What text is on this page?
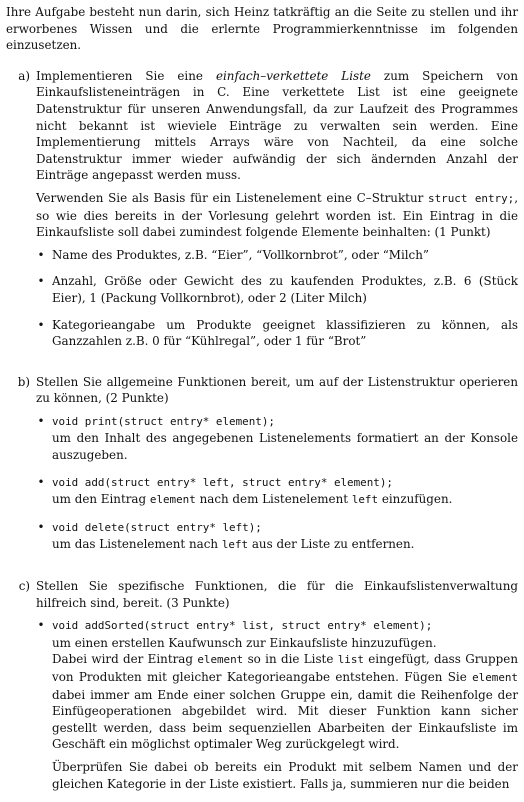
Ihre Aufgabe besteht nun darin, sich Heinz tatkräftig an die Seite zu stellen und ihr erworbenes Wissen und die erlernte Programmierkenntnisse im folgenden einzusetzen.

a) Implementieren Sie eine einfach–verkettete Liste zum Speichern von Einkaufslisteneinträgen in C. Eine verkettete List ist eine geeignete Datenstruktur für unseren Anwendungsfall, da zur Laufzeit des Programmes nicht bekannt ist wieviele Einträge zu verwalten sein werden. Eine Implementierung mittels Arrays wäre von Nachteil, da eine solche Datenstruktur immer wieder aufwändig der sich ändernden Anzahl der Einträge angepasst werden muss.

Verwenden Sie als Basis für ein Listenelement eine C–Struktur struct entry;, so wie dies bereits in der Vorlesung gelehrt worden ist. Ein Eintrag in die Einkaufsliste soll dabei zumindest folgende Elemente beinhalten: (1 Punkt)

• Name des Produktes, z.B. “Eier”, “Vollkornbrot”, oder “Milch”
• Anzahl, Größe oder Gewicht des zu kaufenden Produktes, z.B. 6 (Stück Eier), 1 (Packung Vollkornbrot), oder 2 (Liter Milch)
• Kategorieangabe um Produkte geeignet klassifizieren zu können, als Ganzzahlen z.B. 0 für “Kühlregal”, oder 1 für “Brot”
b) Stellen Sie allgemeine Funktionen bereit, um auf der Listenstruktur operieren zu können, (2 Punkte)

• void print(struct entry* element);
um den Inhalt des angegebenen Listenelements formatiert an der Konsole auszugeben.
• void add(struct entry* left, struct entry* element);
um den Eintrag element nach dem Listenelement left einzufügen.
• void delete(struct entry* left);
um das Listenelement nach left aus der Liste zu entfernen.
c) Stellen Sie spezifische Funktionen, die für die Einkaufslistenverwaltung hilfreich sind, bereit. (3 Punkte)

• void addSorted(struct entry* list, struct entry* element);
um einen erstellen Kaufwunsch zur Einkaufsliste hinzuzufügen.
Dabei wird der Eintrag element so in die Liste list eingefügt, dass Gruppen von Produkten mit gleicher Kategorieangabe entstehen. Fügen Sie element dabei immer am Ende einer solchen Gruppe ein, damit die Reihenfolge der Einfügeoperationen abgebildet wird. Mit dieser Funktion kann sicher gestellt werden, dass beim sequenziellen Abarbeiten der Einkaufsliste im Geschäft ein möglichst optimaler Weg zurückgelegt wird.

Überprüfen Sie dabei ob bereits ein Produkt mit selbem Namen und der gleichen Kategorie in der Liste existiert. Falls ja, summieren nur die beiden
